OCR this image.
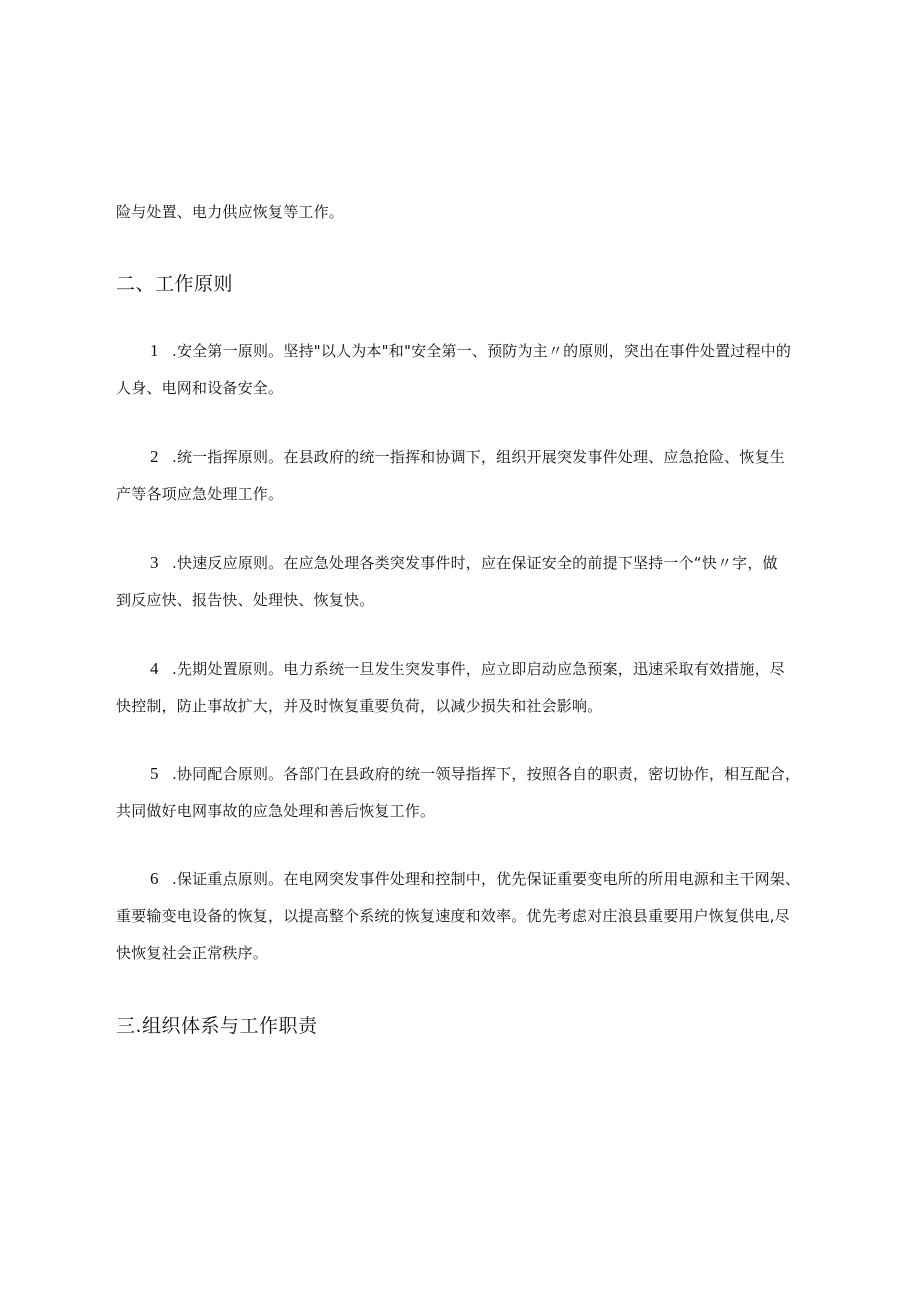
险与处置、电力供应恢复等工作。
二、工作原则
1 .安全第一原则。坚持"以人为本"和"安全第一、预防为主〃的原则，突出在事件处置过程中的
人身、电网和设备安全。
2 .统一指挥原则。在县政府的统一指挥和协调下，组织开展突发事件处理、应急抢险、恢复生
产等各项应急处理工作。
3 .快速反应原则。在应急处理各类突发事件时，应在保证安全的前提下坚持一个“快〃字，做
到反应快、报告快、处理快、恢复快。
4 .先期处置原则。电力系统一旦发生突发事件，应立即启动应急预案，迅速采取有效措施，尽
快控制，防止事故扩大，并及时恢复重要负荷，以减少损失和社会影响。
5 .协同配合原则。各部门在县政府的统一领导指挥下，按照各自的职责，密切协作，相互配合，
共同做好电网事故的应急处理和善后恢复工作。
6 .保证重点原则。在电网突发事件处理和控制中，优先保证重要变电所的所用电源和主干网架、
重要输变电设备的恢复，以提高整个系统的恢复速度和效率。优先考虑对庄浪县重要用户恢复供电,尽
快恢复社会正常秩序。
三.组织体系与工作职责
